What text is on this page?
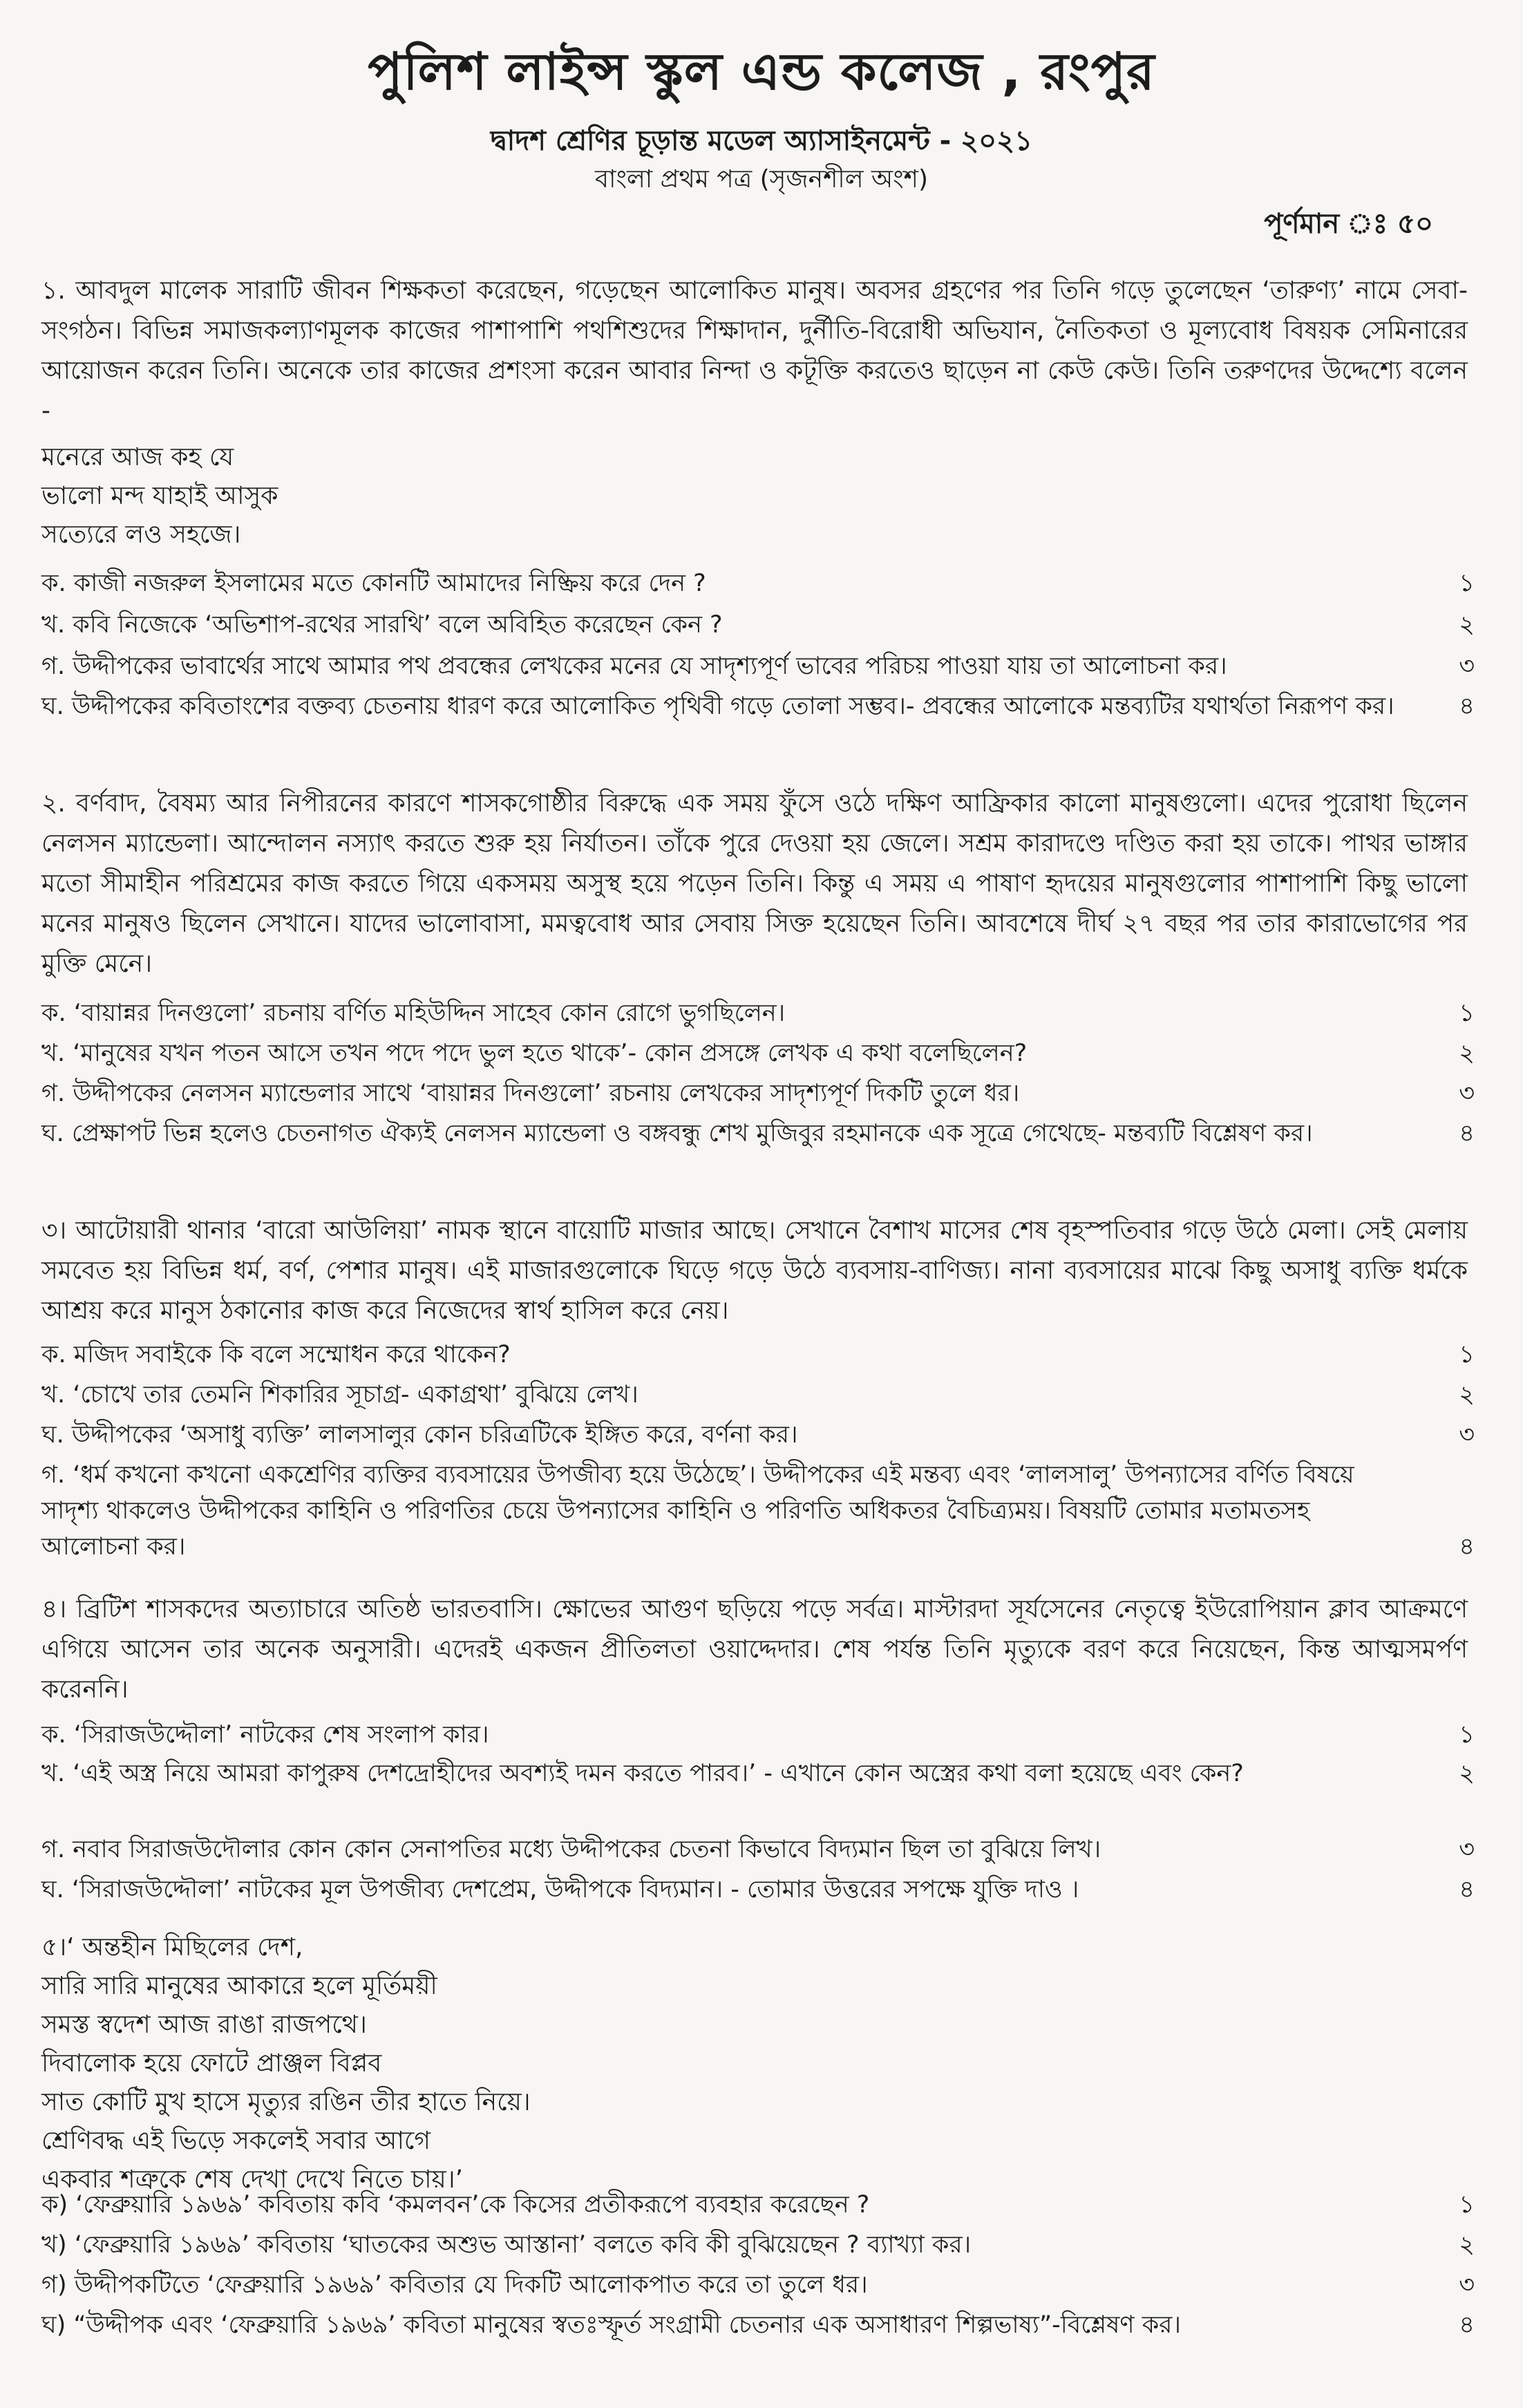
পুলিশ লাইন্স স্কুল এন্ড কলেজ , রংপুর
দ্বাদশ শ্রেণির চূড়ান্ত মডেল অ্যাসাইনমেন্ট - ২০২১
বাংলা প্রথম পত্র (সৃজনশীল অংশ)
পূর্ণমান ঃ ৫০

১. আবদুল মালেক সারাটি জীবন শিক্ষকতা করেছেন, গড়েছেন আলোকিত মানুষ। অবসর গ্রহণের পর তিনি গড়ে তুলেছেন ‘তারুণ্য’ নামে সেবা-সংগঠন। বিভিন্ন সমাজকল্যাণমূলক কাজের পাশাপাশি পথশিশুদের শিক্ষাদান, দুর্নীতি-বিরোধী অভিযান, নৈতিকতা ও মূল্যবোধ বিষয়ক সেমিনারের আয়োজন করেন তিনি। অনেকে তার কাজের প্রশংসা করেন আবার নিন্দা ও কটূক্তি করতেও ছাড়েন না কেউ কেউ। তিনি তরুণদের উদ্দেশ্যে বলেন -

মনেরে আজ কহ যে
ভালো মন্দ যাহাই আসুক
সত্যেরে লও সহজে।
ক. কাজী নজরুল ইসলামের মতে কোনটি আমাদের নিষ্ক্রিয় করে দেন ?	১
খ. কবি নিজেকে ‘অভিশাপ-রথের সারথি’ বলে অবিহিত করেছেন কেন ?	২
গ. উদ্দীপকের ভাবার্থের সাথে আমার পথ প্রবন্ধের লেখকের মনের যে সাদৃশ্যপূর্ণ ভাবের পরিচয় পাওয়া যায় তা আলোচনা কর।	৩
ঘ. উদ্দীপকের কবিতাংশের বক্তব্য চেতনায় ধারণ করে আলোকিত পৃথিবী গড়ে তোলা সম্ভব।- প্রবন্ধের আলোকে মন্তব্যটির যথার্থতা নিরূপণ কর।	৪

২. বর্ণবাদ, বৈষম্য আর নিপীরনের কারণে শাসকগোষ্ঠীর বিরুদ্ধে এক সময় ফুঁসে ওঠে দক্ষিণ আফ্রিকার কালো মানুষগুলো। এদের পুরোধা ছিলেন নেলসন ম্যান্ডেলা। আন্দোলন নস্যাৎ করতে শুরু হয় নির্যাতন। তাঁকে পুরে দেওয়া হয় জেলে। সশ্রম কারাদণ্ডে দণ্ডিত করা হয় তাকে। পাথর ভাঙ্গার মতো সীমাহীন পরিশ্রমের কাজ করতে গিয়ে একসময় অসুস্থ হয়ে পড়েন তিনি। কিন্তু এ সময় এ পাষাণ হৃদয়ের মানুষগুলোর পাশাপাশি কিছু ভালো মনের মানুষও ছিলেন সেখানে। যাদের ভালোবাসা, মমত্ববোধ আর সেবায় সিক্ত হয়েছেন তিনি। আবশেষে দীর্ঘ ২৭ বছর পর তার কারাভোগের পর মুক্তি মেনে।

ক. ‘বায়ান্নর দিনগুলো’ রচনায় বর্ণিত মহিউদ্দিন সাহেব কোন রোগে ভুগছিলেন।	১
খ. ‘মানুষের যখন পতন আসে তখন পদে পদে ভুল হতে থাকে’- কোন প্রসঙ্গে লেখক এ কথা বলেছিলেন?	২
গ. উদ্দীপকের নেলসন ম্যান্ডেলার সাথে ‘বায়ান্নর দিনগুলো’ রচনায় লেখকের সাদৃশ্যপূর্ণ দিকটি তুলে ধর।	৩
ঘ. প্রেক্ষাপট ভিন্ন হলেও চেতনাগত ঐক্যই নেলসন ম্যান্ডেলা ও বঙ্গবন্ধু শেখ মুজিবুর রহমানকে এক সূত্রে গেথেছে- মন্তব্যটি বিশ্লেষণ কর।	৪

৩। আটোয়ারী থানার ‘বারো আউলিয়া’ নামক স্থানে বায়োটি মাজার আছে। সেখানে বৈশাখ মাসের শেষ বৃহস্পতিবার গড়ে উঠে মেলা। সেই মেলায় সমবেত হয় বিভিন্ন ধর্ম, বর্ণ, পেশার মানুষ। এই মাজারগুলোকে ঘিড়ে গড়ে উঠে ব্যবসায়-বাণিজ্য। নানা ব্যবসায়ের মাঝে কিছু অসাধু ব্যক্তি ধর্মকে আশ্রয় করে মানুস ঠকানোর কাজ করে নিজেদের স্বার্থ হাসিল করে নেয়।

ক. মজিদ সবাইকে কি বলে সম্মোধন করে থাকেন?	১
খ. ‘চোখে তার তেমনি শিকারির সূচাগ্র- একাগ্রথা’ বুঝিয়ে লেখ।	২
ঘ. উদ্দীপকের ‘অসাধু ব্যক্তি’ লালসালুর কোন চরিত্রটিকে ইঙ্গিত করে, বর্ণনা কর।	৩
গ. ‘ধর্ম কখনো কখনো একশ্রেণির ব্যক্তির ব্যবসায়ের উপজীব্য হয়ে উঠেছে’। উদ্দীপকের এই মন্তব্য এবং ‘লালসালু’ উপন্যাসের বর্ণিত বিষয়ে সাদৃশ্য থাকলেও উদ্দীপকের কাহিনি ও পরিণতির চেয়ে উপন্যাসের কাহিনি ও পরিণতি অধিকতর বৈচিত্র্যময়। বিষয়টি তোমার মতামতসহ আলোচনা কর।	৪

৪। ব্রিটিশ শাসকদের অত্যাচারে অতিষ্ঠ ভারতবাসি। ক্ষোভের আগুণ ছড়িয়ে পড়ে সর্বত্র। মাস্টারদা সূর্যসেনের নেতৃত্বে ইউরোপিয়ান ক্লাব আক্রমণে এগিয়ে আসেন তার অনেক অনুসারী। এদেরই একজন প্রীতিলতা ওয়াদ্দেদার। শেষ পর্যন্ত তিনি মৃত্যুকে বরণ করে নিয়েছেন, কিন্ত আত্মসমর্পণ করেননি।

ক. ‘সিরাজউদ্দৌলা’ নাটকের শেষ সংলাপ কার।	১
খ. ‘এই অস্ত্র নিয়ে আমরা কাপুরুষ দেশদ্রোহীদের অবশ্যই দমন করতে পারব।’ - এখানে কোন অস্ত্রের কথা বলা হয়েছে এবং কেন?	২
গ. নবাব সিরাজউদৌলার কোন কোন সেনাপতির মধ্যে উদ্দীপকের চেতনা কিভাবে বিদ্যমান ছিল তা বুঝিয়ে লিখ।	৩
ঘ. ‘সিরাজউদ্দৌলা’ নাটকের মূল উপজীব্য দেশপ্রেম, উদ্দীপকে বিদ্যমান। - তোমার উত্তরের সপক্ষে যুক্তি দাও ।	৪
৫।‘ অন্তহীন মিছিলের দেশ,
সারি সারি মানুষের আকারে হলে মূর্তিময়ী
সমস্ত স্বদেশ আজ রাঙা রাজপথে।
দিবালোক হয়ে ফোটে প্রাঞ্জল বিপ্লব
সাত কোটি মুখ হাসে মৃত্যুর রঙিন তীর হাতে নিয়ে।
শ্রেণিবদ্ধ এই ভিড়ে সকলেই সবার আগে
একবার শত্রুকে শেষ দেখা দেখে নিতে চায়।’
ক) ‘ফেব্রুয়ারি ১৯৬৯’ কবিতায় কবি ‘কমলবন’কে কিসের প্রতীকরূপে ব্যবহার করেছেন ?	১
খ) ‘ফেব্রুয়ারি ১৯৬৯’ কবিতায় ‘ঘাতকের অশুভ আস্তানা’ বলতে কবি কী বুঝিয়েছেন ? ব্যাখ্যা কর।	২
গ) উদ্দীপকটিতে ‘ফেব্রুয়ারি ১৯৬৯’ কবিতার যে দিকটি আলোকপাত করে তা তুলে ধর।	৩
ঘ) “উদ্দীপক এবং ‘ফেব্রুয়ারি ১৯৬৯’ কবিতা মানুষের স্বতঃস্ফূর্ত সংগ্রামী চেতনার এক অসাধারণ শিল্পভাষ্য”-বিশ্লেষণ কর।	৪
